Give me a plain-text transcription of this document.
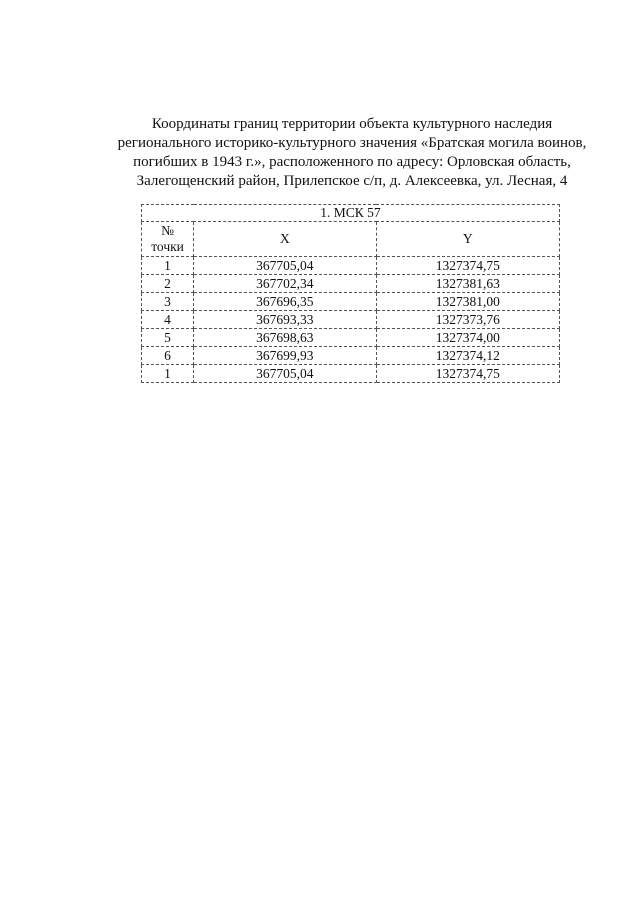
Координаты границ территории объекта культурного наследия
регионального историко-культурного значения «Братская могила воинов,
погибших в 1943 г.», расположенного по адресу: Орловская область,
Залегощенский район, Прилепское с/п, д. Алексеевка, ул. Лесная, 4
1. МСК 57		

№
точки	X	Y
1	367705,04	1327374,75
2	367702,34	1327381,63
3	367696,35	1327381,00
4	367693,33	1327373,76
5	367698,63	1327374,00
6	367699,93	1327374,12
1	367705,04	1327374,75
